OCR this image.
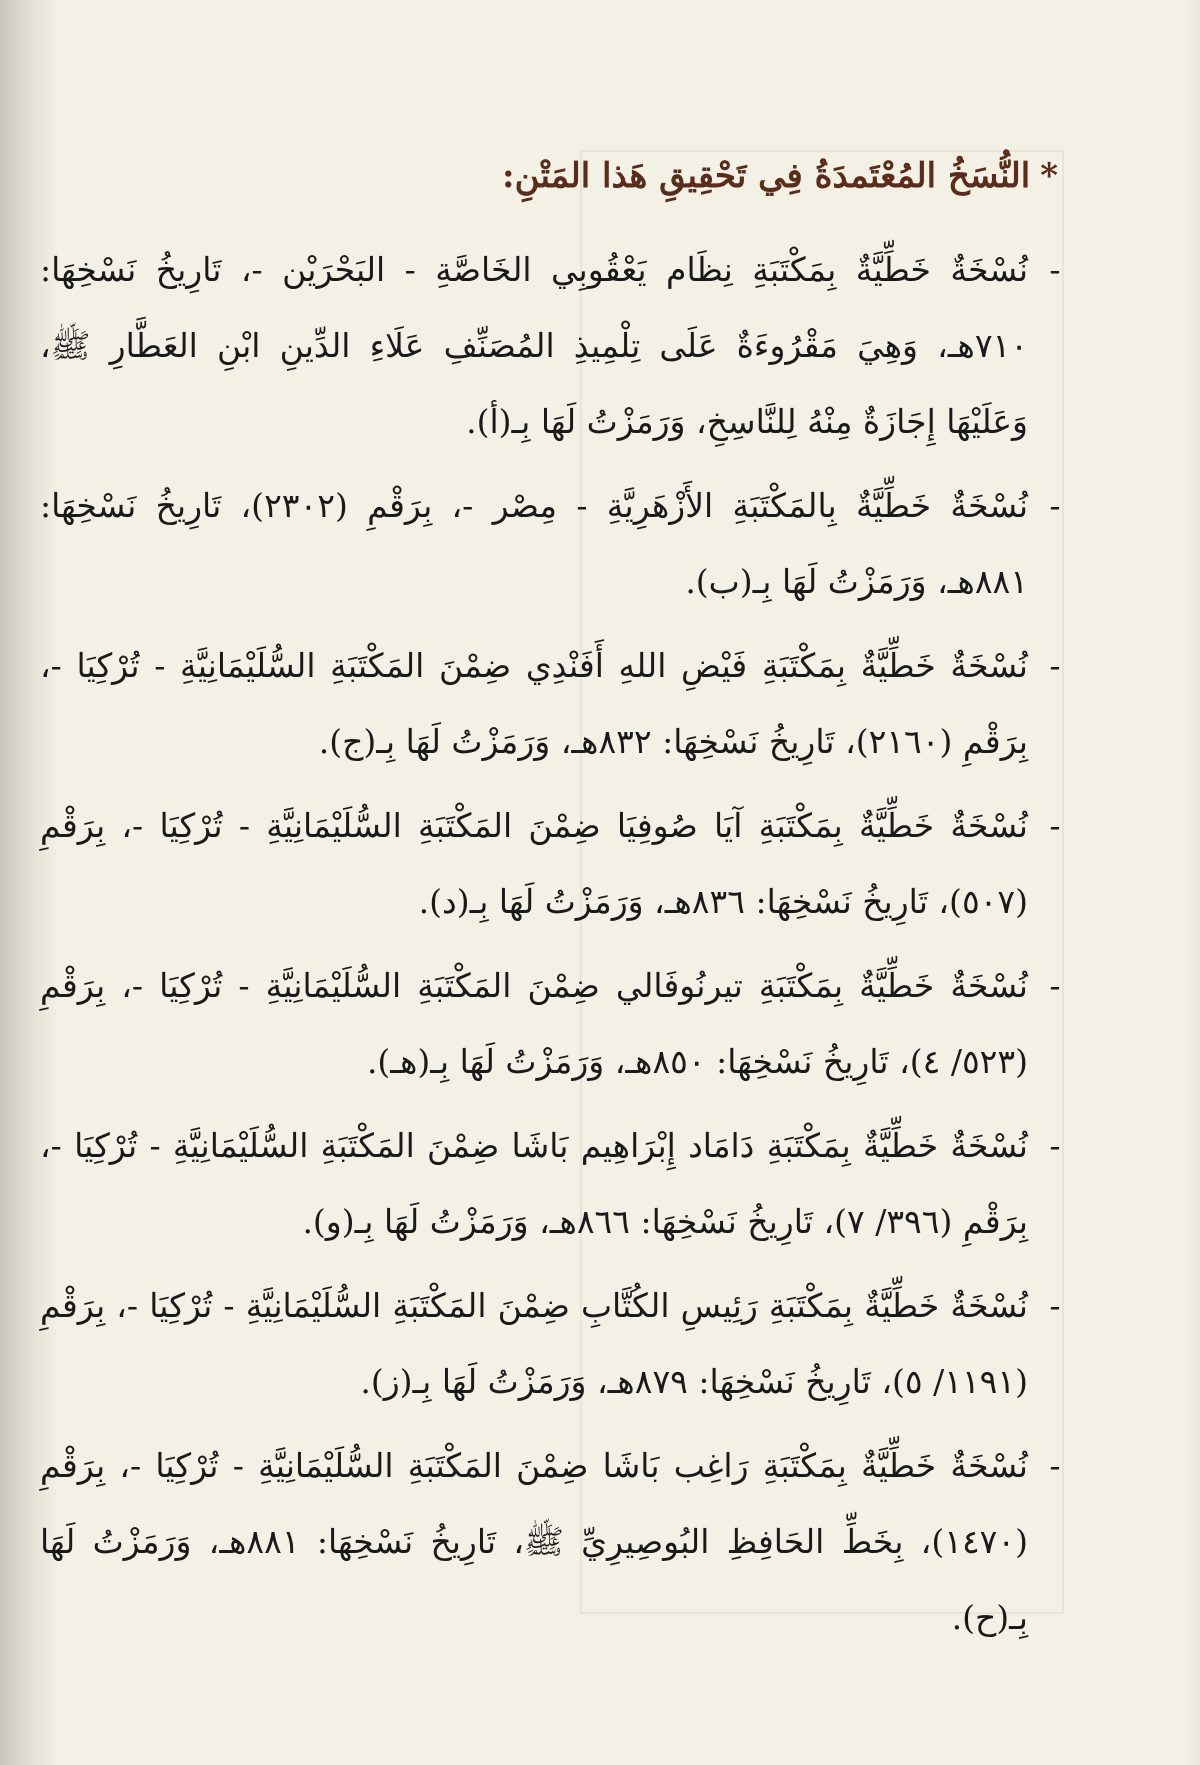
*النُّسَخُ المُعْتَمدَةُ فِي تَحْقِيقِ هَذا المَتْنِ:
-
نُسْخَةٌ خَطِّيَّةٌ بِمَكْتَبَةِ نِظَام يَعْقُوبِي الخَاصَّةِ - البَحْرَيْن -، تَارِيخُ نَسْخِهَا: ٧١٠هـ، وَهِيَ مَقْرُوءَةٌ عَلَى تِلْمِيذِ المُصَنِّفِ عَلَاءِ الدِّينِ ابْنِ العَطَّارِ ﷺ، وَعَلَيْهَا إِجَازَةٌ مِنْهُ لِلنَّاسِخِ، وَرَمَزْتُ لَهَا بِـ(أ).
-
نُسْخَةٌ خَطِّيَّةٌ بِالمَكْتَبَةِ الأَزْهَرِيَّةِ - مِصْر -، بِرَقْمِ (٢٣٠٢)، تَارِيخُ نَسْخِهَا: ٨٨١هـ، وَرَمَزْتُ لَهَا بِـ(ب).
-
نُسْخَةٌ خَطِّيَّةٌ بِمَكْتَبَةِ فَيْضِ اللهِ أَفَنْدِي ضِمْنَ المَكْتَبَةِ السُّلَيْمَانِيَّةِ - تُرْكِيَا -، بِرَقْمِ (٢١٦٠)، تَارِيخُ نَسْخِهَا: ٨٣٢هـ، وَرَمَزْتُ لَهَا بِـ(ج).
-
نُسْخَةٌ خَطِّيَّةٌ بِمَكْتَبَةِ آيَا صُوفِيَا ضِمْنَ المَكْتَبَةِ السُّلَيْمَانِيَّةِ - تُرْكِيَا -، بِرَقْمِ (٥٠٧)، تَارِيخُ نَسْخِهَا: ٨٣٦هـ، وَرَمَزْتُ لَهَا بِـ(د).
-
نُسْخَةٌ خَطِّيَّةٌ بِمَكْتَبَةِ تيرنُوفَالي ضِمْنَ المَكْتَبَةِ السُّلَيْمَانِيَّةِ - تُرْكِيَا -، بِرَقْمِ (٥٢٣/ ٤)، تَارِيخُ نَسْخِهَا: ٨٥٠هـ، وَرَمَزْتُ لَهَا بِـ(هـ).
-
نُسْخَةٌ خَطِّيَّةٌ بِمَكْتَبَةِ دَامَاد إِبْرَاهِيم بَاشَا ضِمْنَ المَكْتَبَةِ السُّلَيْمَانِيَّةِ - تُرْكِيَا -، بِرَقْمِ (٣٩٦/ ٧)، تَارِيخُ نَسْخِهَا: ٨٦٦هـ، وَرَمَزْتُ لَهَا بِـ(و).
-
نُسْخَةٌ خَطِّيَّةٌ بِمَكْتَبَةِ رَئِيسِ الكُتَّابِ ضِمْنَ المَكْتَبَةِ السُّلَيْمَانِيَّةِ - تُرْكِيَا -، بِرَقْمِ (١١٩١/ ٥)، تَارِيخُ نَسْخِهَا: ٨٧٩هـ، وَرَمَزْتُ لَهَا بِـ(ز).
-
نُسْخَةٌ خَطِّيَّةٌ بِمَكْتَبَةِ رَاغِب بَاشَا ضِمْنَ المَكْتَبَةِ السُّلَيْمَانِيَّةِ - تُرْكِيَا -، بِرَقْمِ (١٤٧٠)، بِخَطِّ الحَافِظِ البُوصِيرِيِّ ﷺ، تَارِيخُ نَسْخِهَا: ٨٨١هـ، وَرَمَزْتُ لَهَا بِـ(ح).
